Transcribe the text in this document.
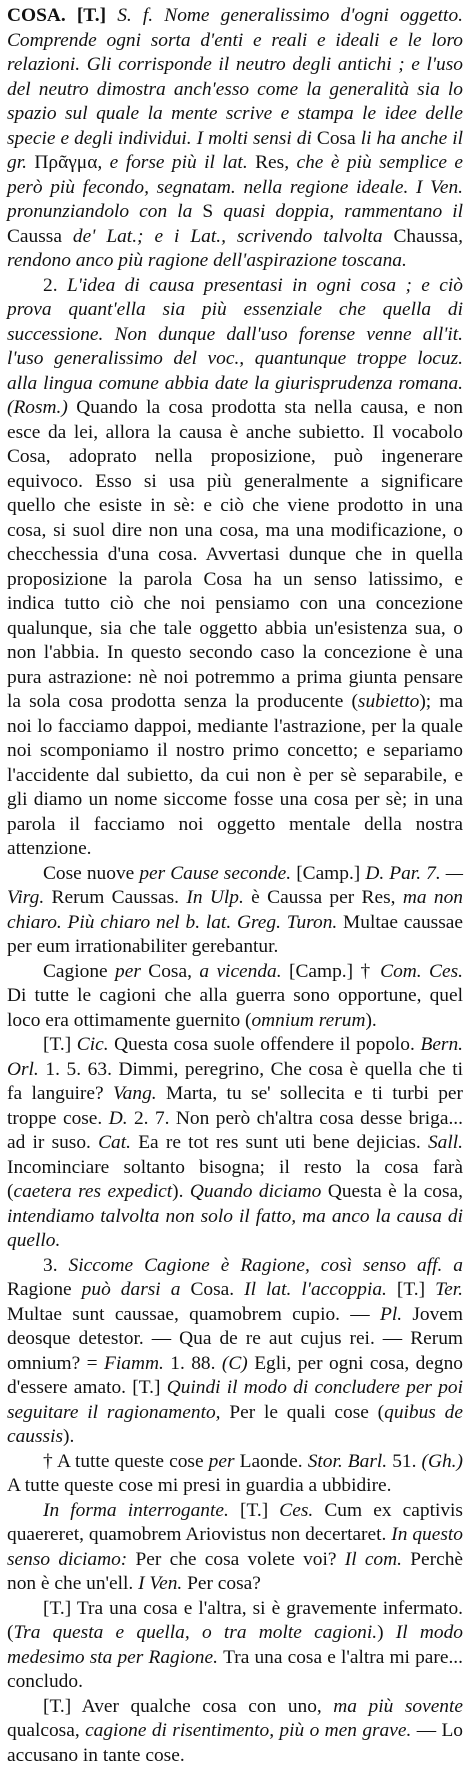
COSA. [T.] S. f. Nome generalissimo d'ogni oggetto. Comprende ogni sorta d'enti e reali e ideali e le loro relazioni. Gli corrisponde il neutro degli antichi ; e l'uso del neutro dimostra anch'esso come la generalità sia lo spazio sul quale la mente scrive e stampa le idee delle specie e degli individui. I molti sensi di Cosa li ha anche il gr. Πρᾶγμα, e forse più il lat. Res, che è più semplice e però più fecondo, segnatam. nella regione ideale. I Ven. pronunziandolo con la S quasi doppia, rammentano il Caussa de' Lat.; e i Lat., scrivendo talvolta Chaussa, rendono anco più ragione dell'aspirazione toscana.

2. L'idea di causa presentasi in ogni cosa ; e ciò prova quant'ella sia più essenziale che quella di successione. Non dunque dall'uso forense venne all'it. l'uso generalissimo del voc., quantunque troppe locuz. alla lingua comune abbia date la giurisprudenza romana. (Rosm.) Quando la cosa prodotta sta nella causa, e non esce da lei, allora la causa è anche subietto. Il vocabolo Cosa, adoprato nella proposizione, può ingenerare equivoco. Esso si usa più generalmente a significare quello che esiste in sè: e ciò che viene prodotto in una cosa, si suol dire non una cosa, ma una modificazione, o checchessia d'una cosa. Avvertasi dunque che in quella proposizione la parola Cosa ha un senso latissimo, e indica tutto ciò che noi pensiamo con una concezione qualunque, sia che tale oggetto abbia un'esistenza sua, o non l'abbia. In questo secondo caso la concezione è una pura astrazione: nè noi potremmo a prima giunta pensare la sola cosa prodotta senza la producente (subietto); ma noi lo facciamo dappoi, mediante l'astrazione, per la quale noi scomponiamo il nostro primo concetto; e separiamo l'accidente dal subietto, da cui non è per sè separabile, e gli diamo un nome siccome fosse una cosa per sè; in una parola il facciamo noi oggetto mentale della nostra attenzione.

Cose nuove per Cause seconde. [Camp.] D. Par. 7. — Virg. Rerum Caussas. In Ulp. è Caussa per Res, ma non chiaro. Più chiaro nel b. lat. Greg. Turon. Multae caussae per eum irrationabiliter gerebantur.

Cagione per Cosa, a vicenda. [Camp.] † Com. Ces. Di tutte le cagioni che alla guerra sono opportune, quel loco era ottimamente guernito (omnium rerum).

[T.] Cic. Questa cosa suole offendere il popolo. Bern. Orl. 1. 5. 63. Dimmi, peregrino, Che cosa è quella che ti fa languire? Vang. Marta, tu se' sollecita e ti turbi per troppe cose. D. 2. 7. Non però ch'altra cosa desse briga... ad ir suso. Cat. Ea re tot res sunt uti bene dejicias. Sall. Incominciare soltanto bisogna; il resto la cosa farà (caetera res expedict). Quando diciamo Questa è la cosa, intendiamo talvolta non solo il fatto, ma anco la causa di quello.

3. Siccome Cagione è Ragione, così senso aff. a Ragione può darsi a Cosa. Il lat. l'accoppia. [T.] Ter. Multae sunt caussae, quamobrem cupio. — Pl. Jovem deosque detestor. — Qua de re aut cujus rei. — Rerum omnium? = Fiamm. 1. 88. (C) Egli, per ogni cosa, degno d'essere amato. [T.] Quindi il modo di concludere per poi seguitare il ragionamento, Per le quali cose (quibus de caussis).

† A tutte queste cose per Laonde. Stor. Barl. 51. (Gh.) A tutte queste cose mi presi in guardia a ubbidire.

In forma interrogante. [T.] Ces. Cum ex captivis quaereret, quamobrem Ariovistus non decertaret. In questo senso diciamo: Per che cosa volete voi? Il com. Perchè non è che un'ell. I Ven. Per cosa?

[T.] Tra una cosa e l'altra, si è gravemente infermato. (Tra questa e quella, o tra molte cagioni.) Il modo medesimo sta per Ragione. Tra una cosa e l'altra mi pare... concludo.

[T.] Aver qualche cosa con uno, ma più sovente qualcosa, cagione di risentimento, più o men grave. — Lo accusano in tante cose.
